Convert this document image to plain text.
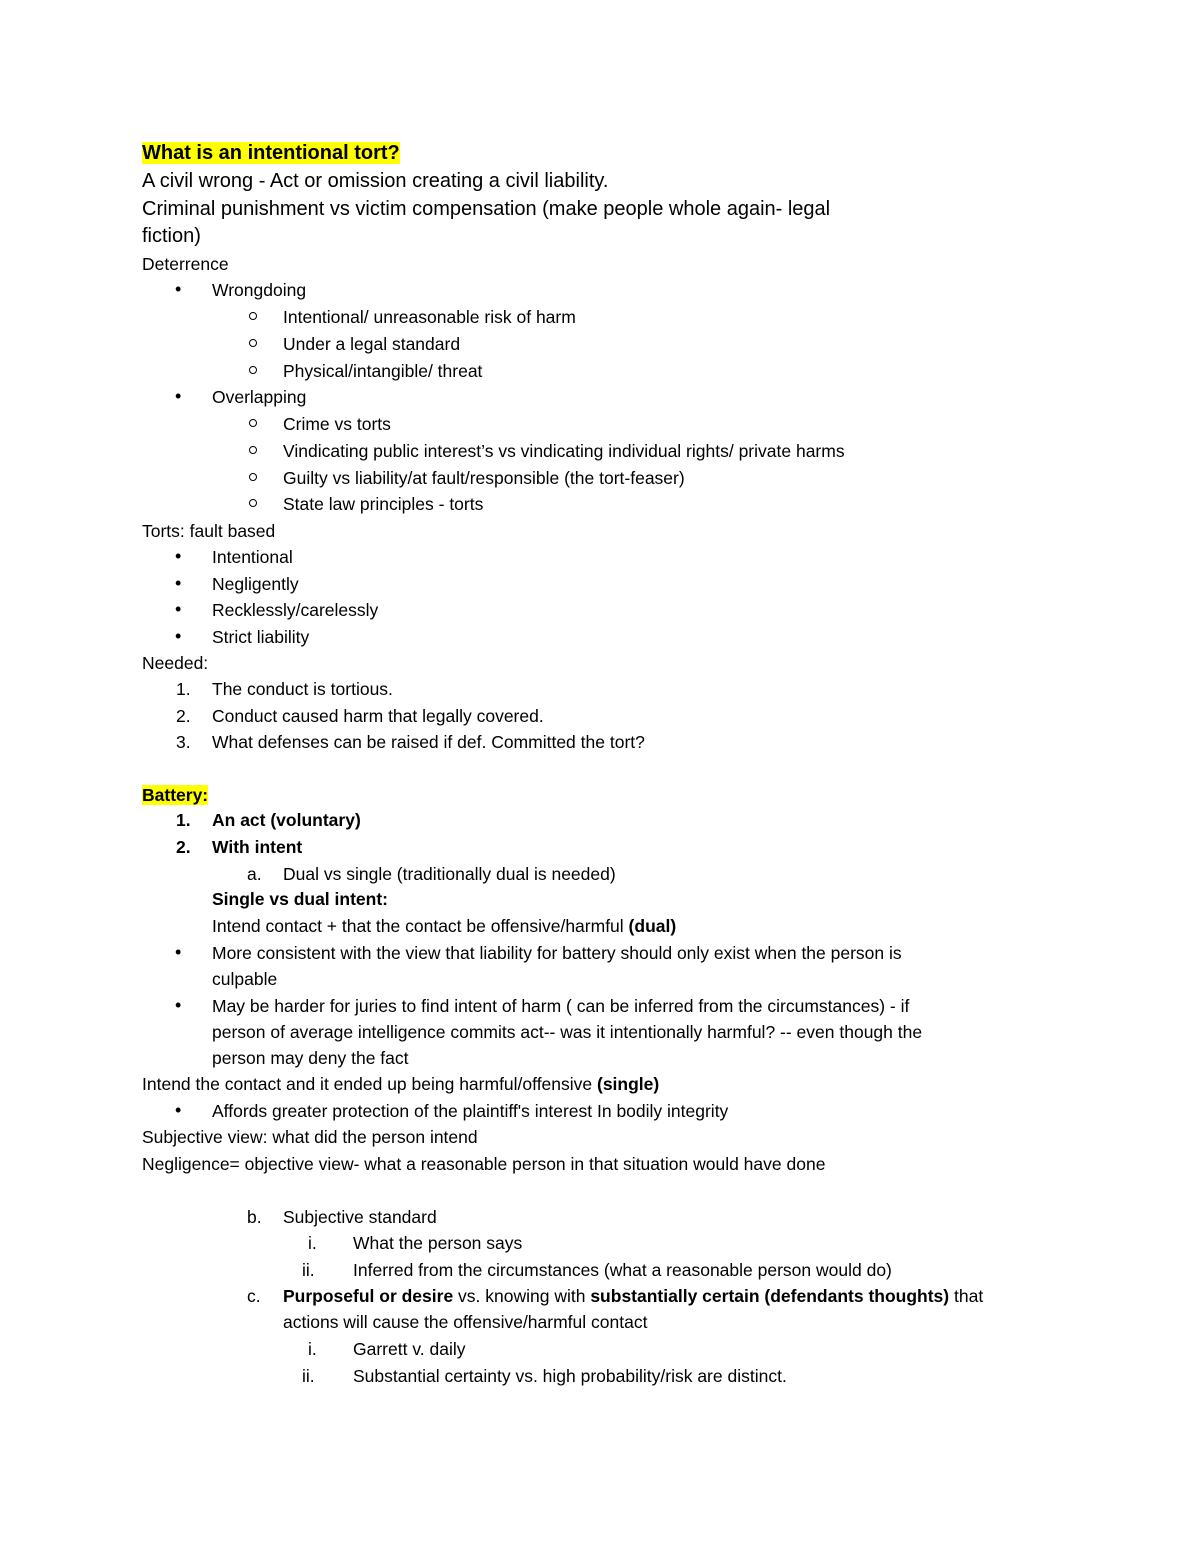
What is an intentional tort?
A civil wrong - Act or omission creating a civil liability.
Criminal punishment vs victim compensation (make people whole again- legal
fiction)
Deterrence
• Wrongdoing
Intentional/ unreasonable risk of harm
Under a legal standard
Physical/intangible/ threat
• Overlapping
Crime vs torts
Vindicating public interest’s vs vindicating individual rights/ private harms
Guilty vs liability/at fault/responsible (the tort-feaser)
State law principles - torts
Torts: fault based
• Intentional
• Negligently
• Recklessly/carelessly
• Strict liability
Needed:
1. The conduct is tortious.
2. Conduct caused harm that legally covered.
3. What defenses can be raised if def. Committed the tort?
Battery:
1. An act (voluntary)
2. With intent
a. Dual vs single (traditionally dual is needed)
Single vs dual intent:
Intend contact + that the contact be offensive/harmful (dual)
• More consistent with the view that liability for battery should only exist when the person is
culpable
• May be harder for juries to find intent of harm ( can be inferred from the circumstances) - if
person of average intelligence commits act-- was it intentionally harmful? -- even though the
person may deny the fact
Intend the contact and it ended up being harmful/offensive (single)
• Affords greater protection of the plaintiff's interest In bodily integrity
Subjective view: what did the person intend
Negligence= objective view- what a reasonable person in that situation would have done
b. Subjective standard
i. What the person says
ii. Inferred from the circumstances (what a reasonable person would do)
c. Purposeful or desire vs. knowing with substantially certain (defendants thoughts) that
actions will cause the offensive/harmful contact
i. Garrett v. daily
ii. Substantial certainty vs. high probability/risk are distinct.
